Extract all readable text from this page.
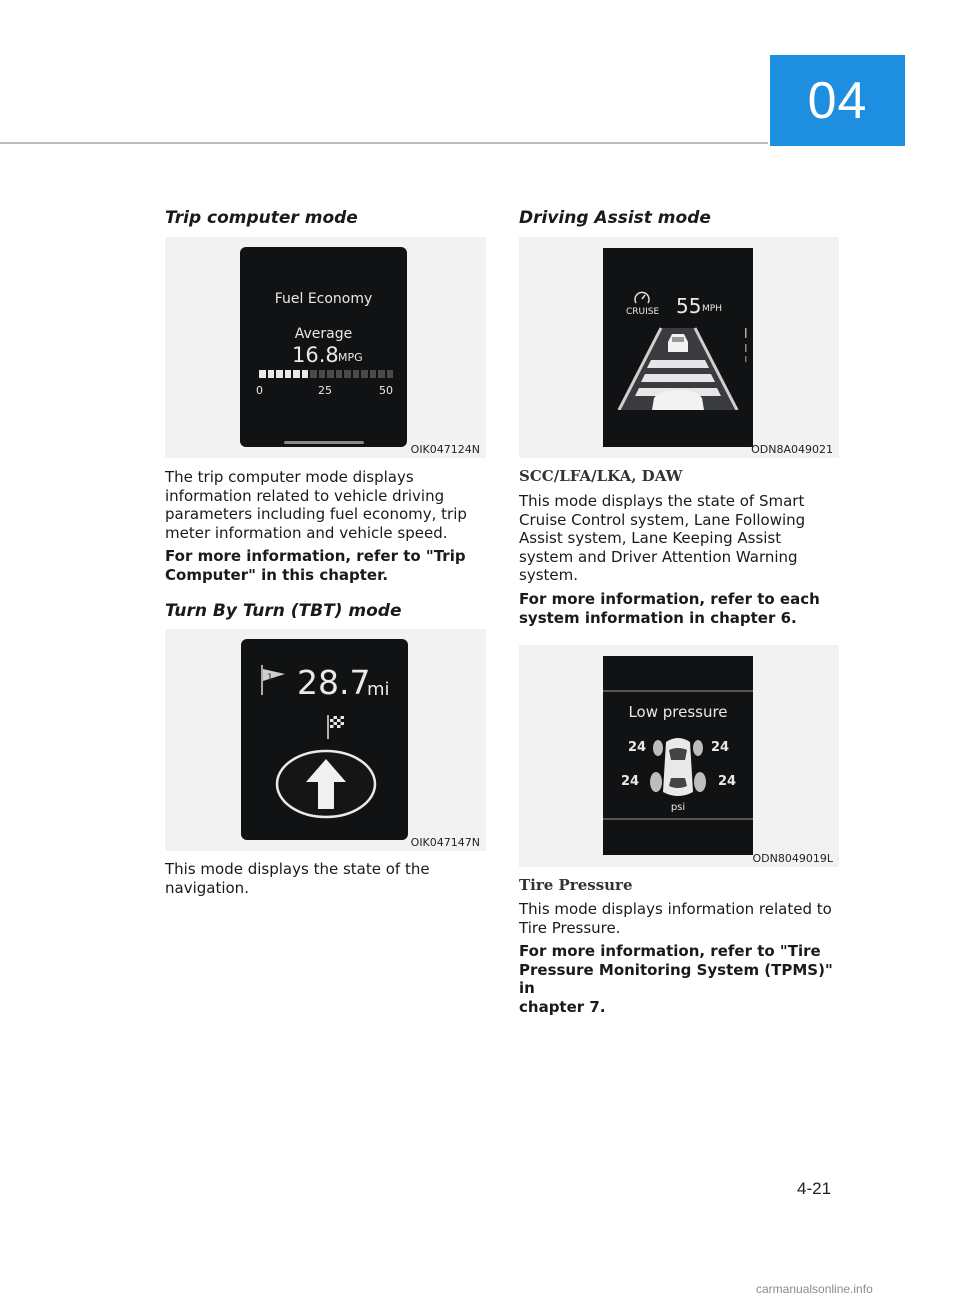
04
Trip computer mode
Fuel Economy
Average
16.8 MPG
0	25	50
OIK047124N
The trip computer mode displays
information related to vehicle driving
parameters including fuel economy, trip
meter information and vehicle speed.
For more information, refer to "Trip
Computer" in this chapter.
Turn By Turn (TBT) mode
1 28.7
mi
OIK047147N
This mode displays the state of the
navigation.
Driving Assist mode
CRUISE 55 MPH
ODN8A049021
SCC/LFA/LKA, DAW
This mode displays the state of Smart
Cruise Control system, Lane Following
Assist system, Lane Keeping Assist
system and Driver Attention Warning
system.
For more information, refer to each
system information in chapter 6.
Low pressure
24	24
24	24
psi
ODN8049019L
Tire Pressure
This mode displays information related to
Tire Pressure.
For more information, refer to "Tire
Pressure Monitoring System (TPMS)" in
chapter 7.
4-21
carmanualsonline.info
